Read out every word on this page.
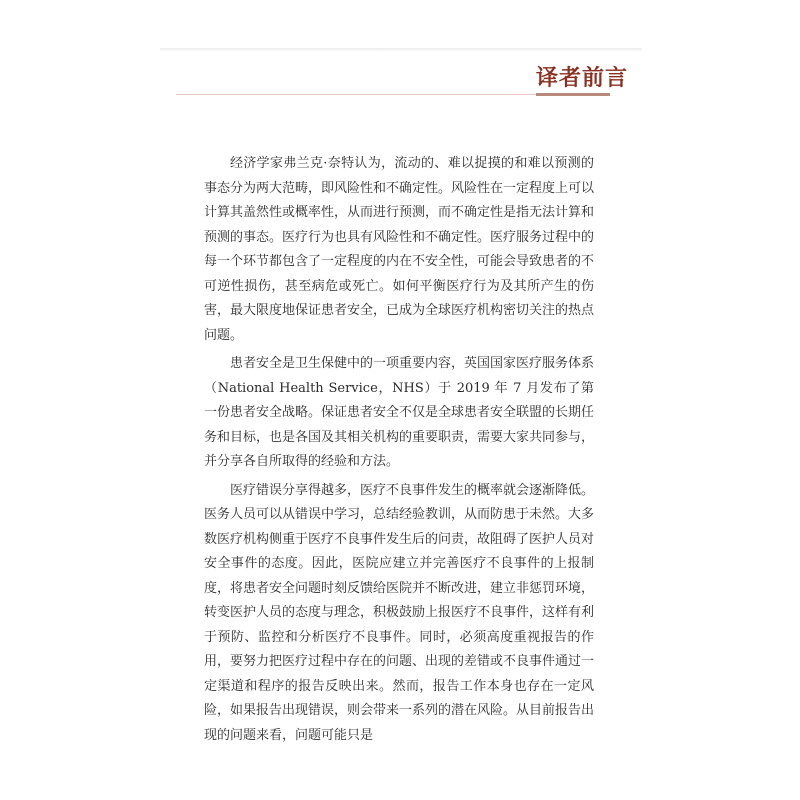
译者前言

经济学家弗兰克·奈特认为，流动的、难以捉摸的和难以预测的事态分为两大范畴，即风险性和不确定性。风险性在一定程度上可以计算其盖然性或概率性，从而进行预测，而不确定性是指无法计算和预测的事态。医疗行为也具有风险性和不确定性。医疗服务过程中的每一个环节都包含了一定程度的内在不安全性，可能会导致患者的不可逆性损伤，甚至病危或死亡。如何平衡医疗行为及其所产生的伤害，最大限度地保证患者安全，已成为全球医疗机构密切关注的热点问题。

患者安全是卫生保健中的一项重要内容，英国国家医疗服务体系（National Health Service，NHS）于 2019 年 7 月发布了第一份患者安全战略。保证患者安全不仅是全球患者安全联盟的长期任务和目标，也是各国及其相关机构的重要职责，需要大家共同参与，并分享各自所取得的经验和方法。

医疗错误分享得越多，医疗不良事件发生的概率就会逐渐降低。医务人员可以从错误中学习，总结经验教训，从而防患于未然。大多数医疗机构侧重于医疗不良事件发生后的问责，故阻碍了医护人员对安全事件的态度。因此，医院应建立并完善医疗不良事件的上报制度，将患者安全问题时刻反馈给医院并不断改进，建立非惩罚环境，转变医护人员的态度与理念，积极鼓励上报医疗不良事件，这样有利于预防、监控和分析医疗不良事件。同时，必须高度重视报告的作用，要努力把医疗过程中存在的问题、出现的差错或不良事件通过一定渠道和程序的报告反映出来。然而，报告工作本身也存在一定风险，如果报告出现错误，则会带来一系列的潜在风险。从目前报告出现的问题来看，问题可能只是
